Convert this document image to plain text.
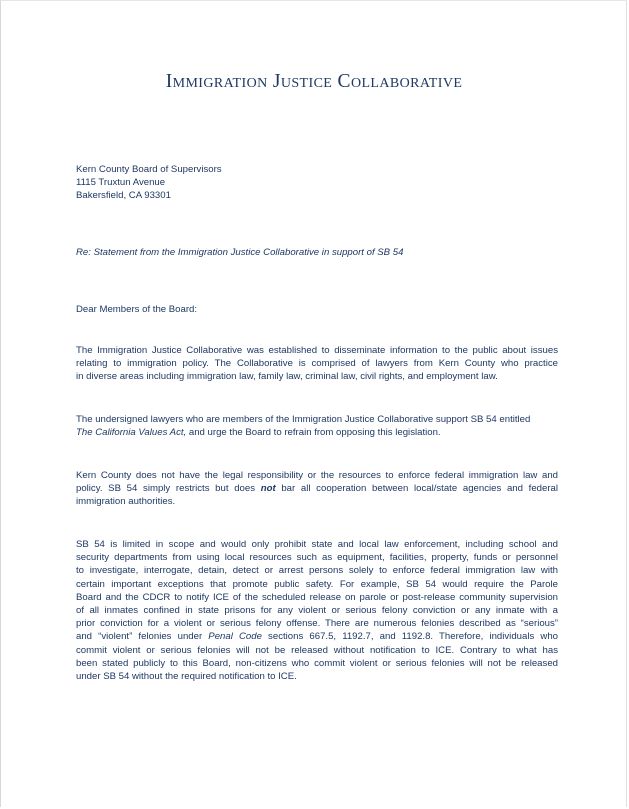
Immigration Justice Collaborative
Kern County Board of Supervisors
1115 Truxtun Avenue
Bakersfield, CA 93301
Re: Statement from the Immigration Justice Collaborative in support of SB 54
Dear Members of the Board:
The Immigration Justice Collaborative was established to disseminate information to the public about issues
relating to immigration policy. The Collaborative is comprised of lawyers from Kern County who practice
in diverse areas including immigration law, family law, criminal law, civil rights, and employment law.
The undersigned lawyers who are members of the Immigration Justice Collaborative support SB 54 entitled
The California Values Act, and urge the Board to refrain from opposing this legislation.
Kern County does not have the legal responsibility or the resources to enforce federal immigration law and
policy. SB 54 simply restricts but does not bar all cooperation between local/state agencies and federal
immigration authorities.
SB 54 is limited in scope and would only prohibit state and local law enforcement, including school and
security departments from using local resources such as equipment, facilities, property, funds or personnel
to investigate, interrogate, detain, detect or arrest persons solely to enforce federal immigration law with
certain important exceptions that promote public safety. For example, SB 54 would require the Parole
Board and the CDCR to notify ICE of the scheduled release on parole or post-release community supervision
of all inmates confined in state prisons for any violent or serious felony conviction or any inmate with a
prior conviction for a violent or serious felony offense. There are numerous felonies described as “serious”
and “violent” felonies under Penal Code sections 667.5, 1192.7, and 1192.8. Therefore, individuals who
commit violent or serious felonies will not be released without notification to ICE. Contrary to what has
been stated publicly to this Board, non-citizens who commit violent or serious felonies will not be released
under SB 54 without the required notification to ICE.
